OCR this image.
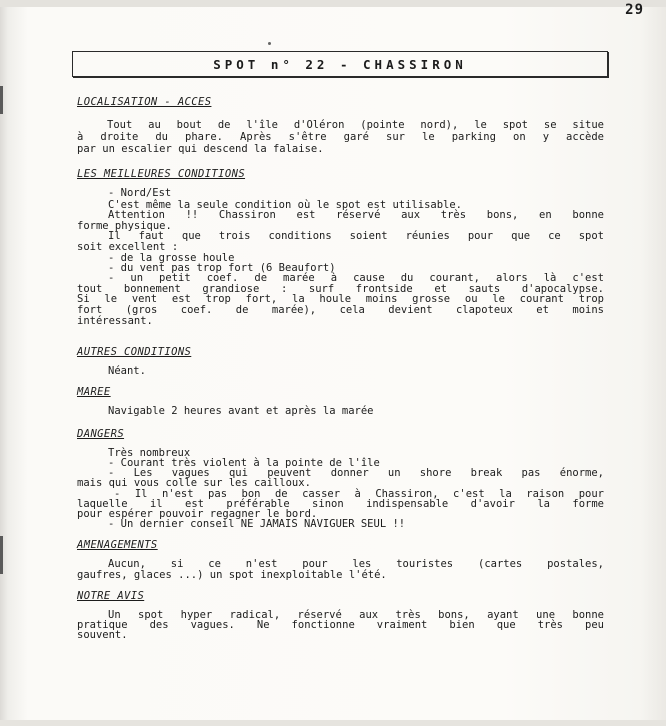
29
SPOT n° 22 - CHASSIRON
LOCALISATION - ACCES
Tout au bout de l'île d'Oléron (pointe nord), le spot se situe
à droite du phare. Après s'être garé sur le parking on y accède
par un escalier qui descend la falaise.
LES MEILLEURES CONDITIONS
- Nord/Est
C'est même la seule condition où le spot est utilisable.
Attention !! Chassiron est réservé aux très bons, en bonne
forme physique.
Il faut que trois conditions soient réunies pour que ce spot
soit excellent :
- de la grosse houle
- du vent pas trop fort (6 Beaufort)
- un petit coef. de marée à cause du courant, alors là c'est
tout bonnement grandiose : surf frontside et sauts d'apocalypse.
Si le vent est trop fort, la houle moins grosse ou le courant trop
fort (gros coef. de marée), cela devient clapoteux et moins
intéressant.
AUTRES CONDITIONS
Néant.
MAREE
Navigable 2 heures avant et après la marée
DANGERS
Très nombreux
- Courant très violent à la pointe de l'île
- Les vagues qui peuvent donner un shore break pas énorme,
mais qui vous colle sur les cailloux.
- Il n'est pas bon de casser à Chassiron, c'est la raison pour
laquelle il est préférable sinon indispensable d'avoir la forme
pour espérer pouvoir regagner le bord.
- Un dernier conseil NE JAMAIS NAVIGUER SEUL !!
AMENAGEMENTS
Aucun, si ce n'est pour les touristes (cartes postales,
gaufres, glaces ...) un spot inexploitable l'été.
NOTRE AVIS
Un spot hyper radical, réservé aux très bons, ayant une bonne
pratique des vagues. Ne fonctionne vraiment bien que très peu
souvent.
